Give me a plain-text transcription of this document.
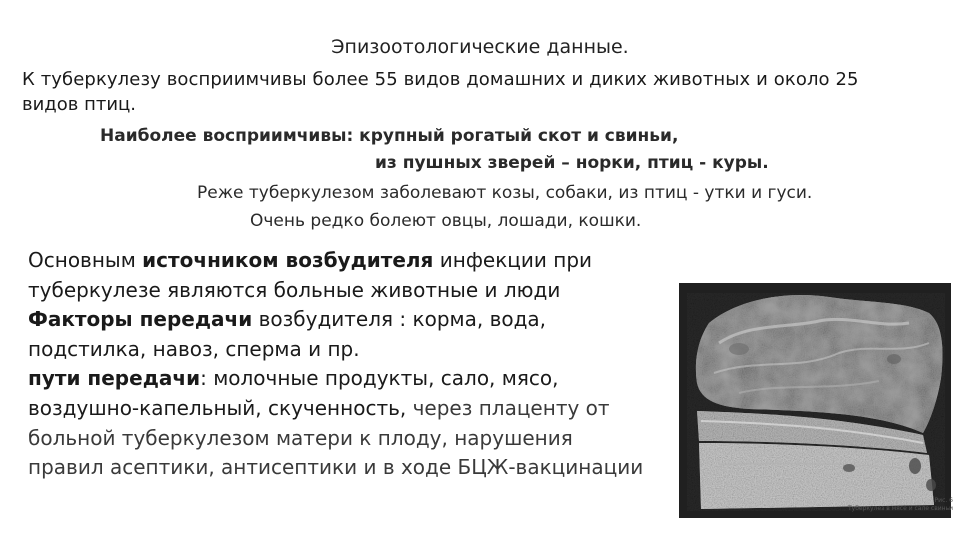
Эпизоотологические данные.
К туберкулезу восприимчивы более 55 видов домашних и диких животных и около 25
видов птиц.
Наиболее восприимчивы: крупный рогатый скот и свиньи,
из пушных зверей – норки, птиц - куры.
Реже туберкулезом заболевают козы, собаки, из птиц - утки и гуси.
Очень редко болеют овцы, лошади, кошки.
Основным источником возбудителя инфекции при
туберкулезе являются больные животные и люди
Факторы передачи возбудителя : корма, вода,
подстилка, навоз, сперма и пр.
пути передачи: молочные продукты, сало, мясо,
воздушно-капельный, скученность, через плаценту от
больной туберкулезом матери к плоду, нарушения
правил асептики, антисептики и в ходе БЦЖ-вакцинации
Рис. 6
Туберкулез в мясе и сале свиньи
